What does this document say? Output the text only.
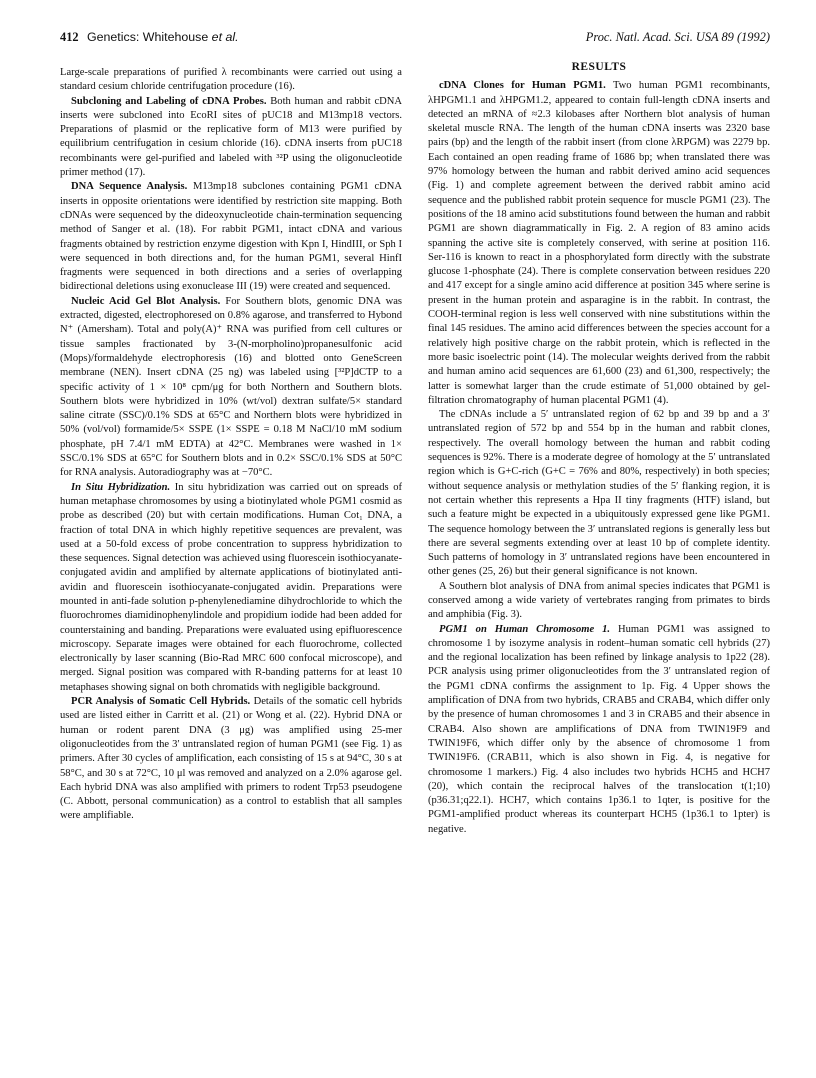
412 Genetics: Whitehouse et al.	Proc. Natl. Acad. Sci. USA 89 (1992)

Large-scale preparations of purified λ recombinants were carried out using a standard cesium chloride centrifugation procedure (16).

Subcloning and Labeling of cDNA Probes. Both human and rabbit cDNA inserts were subcloned into EcoRI sites of pUC18 and M13mp18 vectors. Preparations of plasmid or the replicative form of M13 were purified by equilibrium centrifugation in cesium chloride (16). cDNA inserts from pUC18 recombinants were gel-purified and labeled with ³²P using the oligonucleotide primer method (17).

DNA Sequence Analysis. M13mp18 subclones containing PGM1 cDNA inserts in opposite orientations were identified by restriction site mapping. Both cDNAs were sequenced by the dideoxynucleotide chain-termination sequencing method of Sanger et al. (18). For rabbit PGM1, intact cDNA and various fragments obtained by restriction enzyme digestion with Kpn I, HindIII, or Sph I were sequenced in both directions and, for the human PGM1, several HinfI fragments were sequenced in both directions and a series of overlapping bidirectional deletions using exonuclease III (19) were created and sequenced.

Nucleic Acid Gel Blot Analysis. For Southern blots, genomic DNA was extracted, digested, electrophoresed on 0.8% agarose, and transferred to Hybond N⁺ (Amersham). Total and poly(A)⁺ RNA was purified from cell cultures or tissue samples fractionated by 3-(N-morpholino)propanesulfonic acid (Mops)/formaldehyde electrophoresis (16) and blotted onto GeneScreen membrane (NEN). Insert cDNA (25 ng) was labeled using [³²P]dCTP to a specific activity of 1 × 10⁸ cpm/μg for both Northern and Southern blots. Southern blots were hybridized in 10% (wt/vol) dextran sulfate/5× standard saline citrate (SSC)/0.1% SDS at 65°C and Northern blots were hybridized in 50% (vol/vol) formamide/5× SSPE (1× SSPE = 0.18 M NaCl/10 mM sodium phosphate, pH 7.4/1 mM EDTA) at 42°C. Membranes were washed in 1× SSC/0.1% SDS at 65°C for Southern blots and in 0.2× SSC/0.1% SDS at 50°C for RNA analysis. Autoradiography was at −70°C.

In Situ Hybridization. In situ hybridization was carried out on spreads of human metaphase chromosomes by using a biotinylated whole PGM1 cosmid as probe as described (20) but with certain modifications. Human Cot₁ DNA, a fraction of total DNA in which highly repetitive sequences are prevalent, was used at a 50-fold excess of probe concentration to suppress hybridization to these sequences. Signal detection was achieved using fluorescein isothiocyanate-conjugated avidin and amplified by alternate applications of biotinylated anti-avidin and fluorescein isothiocyanate-conjugated avidin. Preparations were mounted in anti-fade solution p-phenylenediamine dihydrochloride to which the fluorochromes diamidinophenylindole and propidium iodide had been added for counterstaining and banding. Preparations were evaluated using epifluorescence microscopy. Separate images were obtained for each fluorochrome, collected electronically by laser scanning (Bio-Rad MRC 600 confocal microscope), and merged. Signal position was compared with R-banding patterns for at least 10 metaphases showing signal on both chromatids with negligible background.

PCR Analysis of Somatic Cell Hybrids. Details of the somatic cell hybrids used are listed either in Carritt et al. (21) or Wong et al. (22). Hybrid DNA or human or rodent parent DNA (3 μg) was amplified using 25-mer oligonucleotides from the 3′ untranslated region of human PGM1 (see Fig. 1) as primers. After 30 cycles of amplification, each consisting of 15 s at 94°C, 30 s at 58°C, and 30 s at 72°C, 10 μl was removed and analyzed on a 2.0% agarose gel. Each hybrid DNA was also amplified with primers to rodent Trp53 pseudogene (C. Abbott, personal communication) as a control to establish that all samples were amplifiable.

RESULTS

cDNA Clones for Human PGM1. Two human PGM1 recombinants, λHPGM1.1 and λHPGM1.2, appeared to contain full-length cDNA inserts and detected an mRNA of ≈2.3 kilobases after Northern blot analysis of human skeletal muscle RNA. The length of the human cDNA inserts was 2320 base pairs (bp) and the length of the rabbit insert (from clone λRPGM) was 2279 bp. Each contained an open reading frame of 1686 bp; when translated there was 97% homology between the human and rabbit derived amino acid sequences (Fig. 1) and complete agreement between the derived rabbit amino acid sequence and the published rabbit protein sequence for muscle PGM1 (23). The positions of the 18 amino acid substitutions found between the human and rabbit PGM1 are shown diagrammatically in Fig. 2. A region of 83 amino acids spanning the active site is completely conserved, with serine at position 116. Ser-116 is known to react in a phosphorylated form directly with the substrate glucose 1-phosphate (24). There is complete conservation between residues 220 and 417 except for a single amino acid difference at position 345 where serine is present in the human protein and asparagine is in the rabbit. In contrast, the COOH-terminal region is less well conserved with nine substitutions within the final 145 residues. The amino acid differences between the species account for a relatively high positive charge on the rabbit protein, which is reflected in the more basic isoelectric point (14). The molecular weights derived from the rabbit and human amino acid sequences are 61,600 (23) and 61,300, respectively; the latter is somewhat larger than the crude estimate of 51,000 obtained by gel-filtration chromatography of human placental PGM1 (4).

The cDNAs include a 5′ untranslated region of 62 bp and 39 bp and a 3′ untranslated region of 572 bp and 554 bp in the human and rabbit clones, respectively. The overall homology between the human and rabbit coding sequences is 92%. There is a moderate degree of homology at the 5′ untranslated region which is G+C-rich (G+C = 76% and 80%, respectively) in both species; without sequence analysis or methylation studies of the 5′ flanking region, it is not certain whether this represents a Hpa II tiny fragments (HTF) island, but such a feature might be expected in a ubiquitously expressed gene like PGM1. The sequence homology between the 3′ untranslated regions is generally less but there are several segments extending over at least 10 bp of complete identity. Such patterns of homology in 3′ untranslated regions have been encountered in other genes (25, 26) but their general significance is not known.

A Southern blot analysis of DNA from animal species indicates that PGM1 is conserved among a wide variety of vertebrates ranging from primates to birds and amphibia (Fig. 3).

PGM1 on Human Chromosome 1. Human PGM1 was assigned to chromosome 1 by isozyme analysis in rodent–human somatic cell hybrids (27) and the regional localization has been refined by linkage analysis to 1p22 (28). PCR analysis using primer oligonucleotides from the 3′ untranslated region of the PGM1 cDNA confirms the assignment to 1p. Fig. 4 Upper shows the amplification of DNA from two hybrids, CRAB5 and CRAB4, which differ only by the presence of human chromosomes 1 and 3 in CRAB5 and their absence in CRAB4. Also shown are amplifications of DNA from TWIN19F9 and TWIN19F6, which differ only by the absence of chromosome 1 from TWIN19F6. (CRAB11, which is also shown in Fig. 4, is negative for chromosome 1 markers.) Fig. 4 also includes two hybrids HCH5 and HCH7 (20), which contain the reciprocal halves of the translocation t(1;10)(p36.31;q22.1). HCH7, which contains 1p36.1 to 1qter, is positive for the PGM1-amplified product whereas its counterpart HCH5 (1p36.1 to 1pter) is negative.
